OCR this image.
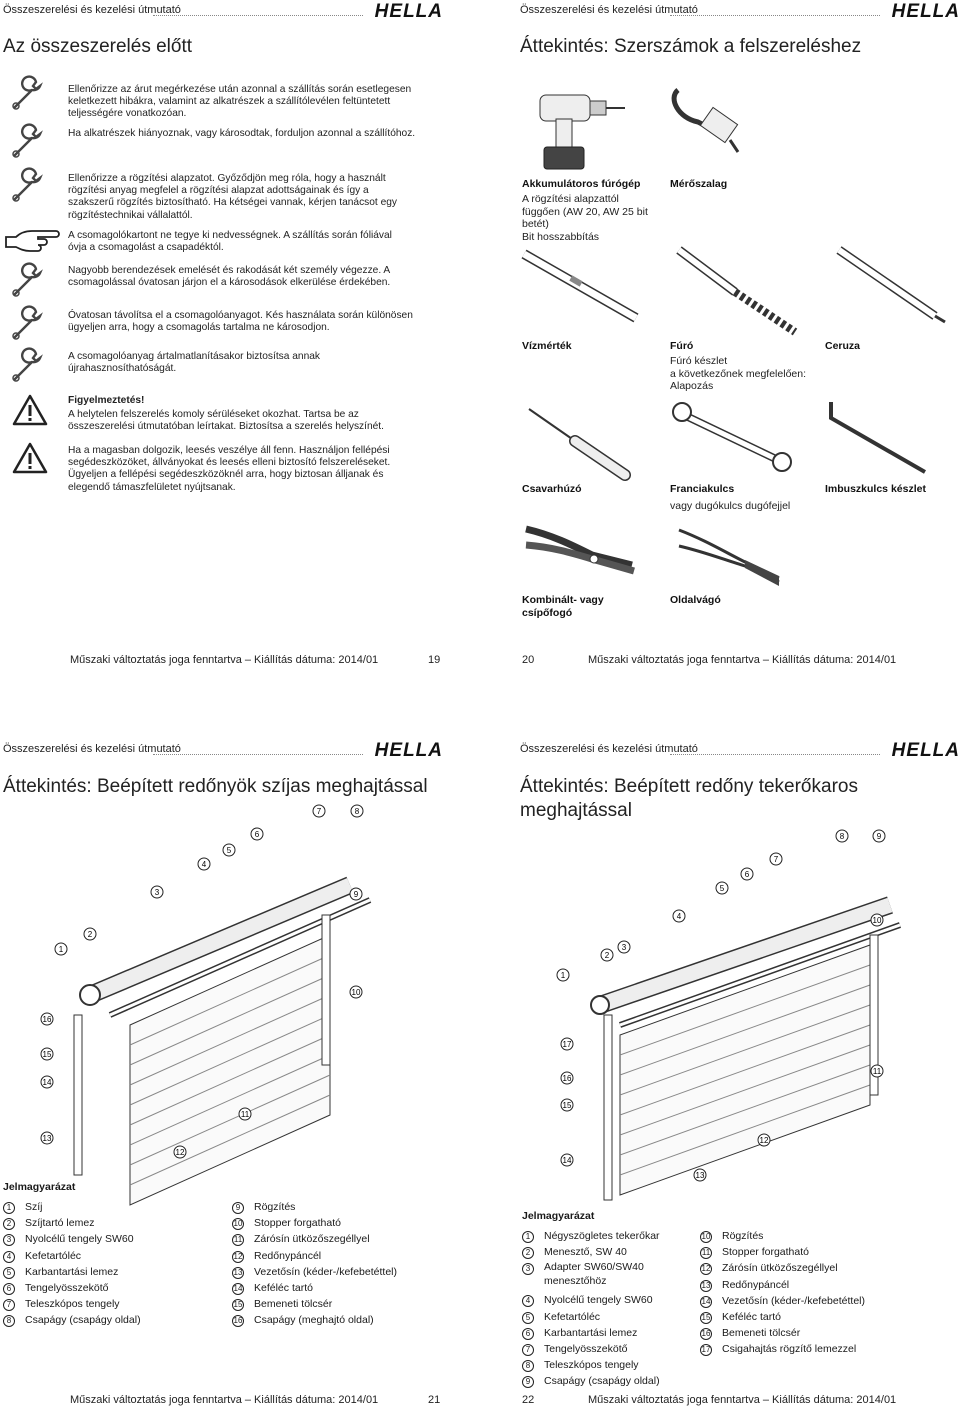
Összeszerelési és kezelési útmutató	HELLA
Az összeszerelés előtt
Ellenőrizze az árut megérkezése után azonnal a szállítás során esetlegesen keletkezett hibákra, valamint az alkatrészek a szállítólevélen feltüntetett teljességére vonatkozóan.
Ha alkatrészek hiányoznak, vagy károsodtak, forduljon azonnal a szállítóhoz.
Ellenőrizze a rögzítési alapzatot. Győződjön meg róla, hogy a használt rögzítési anyag megfelel a rögzítési alapzat adottságainak és így a szakszerű rögzítés biztosítható. Ha kétségei vannak, kérjen tanácsot egy rögzítéstechnikai vállalattól.
A csomagolókartont ne tegye ki nedvességnek. A szállítás során fóliával óvja a csomagolást a csapadéktól.
Nagyobb berendezések emelését és rakodását két személy végezze. A csomagolással óvatosan járjon el a károsodások elkerülése érdekében.
Óvatosan távolítsa el a csomagolóanyagot. Kés használata során különösen ügyeljen arra, hogy a csomagolás tartalma ne károsodjon.
A csomagolóanyag ártalmatlanításakor biztosítsa annak újrahasznosíthatóságát.
Figyelmeztetés!
A helytelen felszerelés komoly sérüléseket okozhat. Tartsa be az összeszerelési útmutatóban leírtakat. Biztosítsa a szerelés helyszínét.
Ha a magasban dolgozik, leesés veszélye áll fenn. Használjon fellépési segédeszközöket, állványokat és leesés elleni biztosító felszereléseket. Ügyeljen a fellépési segédeszközöknél arra, hogy biztosan álljanak és elegendő támaszfelületet nyújtsanak.
Műszaki változtatás joga fenntartva – Kiállítás dátuma: 2014/01	19
Összeszerelési és kezelési útmutató	HELLA
Áttekintés: Szerszámok a felszereléshez
Akkumulátoros fúrógép
A rögzítési alapzattól
függően (AW 20, AW 25 bit
betét)
Bit hosszabbítás
Mérőszalag
Vízmérték	Fúró
Fúró készlet
a következőnek megfelelően:
Alapozás
Ceruza
Csavarhúzó	Franciakulcs
vagy dugókulcs dugófejjel
Imbuszkulcs készlet
Kombinált- vagy csípőfogó
Oldalvágó
20	Műszaki változtatás joga fenntartva – Kiállítás dátuma: 2014/01
Összeszerelési és kezelési útmutató	HELLA
Áttekintés: Beépített redőnyök szíjas meghajtással
1
2
3
4
5
6
7	8
9
10
11
12
13
14
15
16
Jelmagyarázat
1	Szíj
2	Szíjtartó lemez
3	Nyolcélű tengely SW60
4	Kefetartóléc
5	Karbantartási lemez
6	Tengelyösszekötő
7	Teleszkópos tengely
8	Csapágy (csapágy oldal)
9	Rögzítés
10	Stopper forgatható
11	Zárósín ütközőszegéllyel
12	Redőnypáncél
13	Vezetősín (kéder-/kefebetéttel)
14	Keféléc tartó
15	Bemeneti tölcsér
16	Csapágy (meghajtó oldal)
Műszaki változtatás joga fenntartva – Kiállítás dátuma: 2014/01	21
Összeszerelési és kezelési útmutató	HELLA
Áttekintés: Beépített redőny tekerőkaros meghajtással
1
2
3
4
5
6
7
8	9
10
11
12
13
14
15
16
17
Jelmagyarázat
1	Négyszögletes tekerőkar
2	Menesztő, SW 40
3	Adapter SW60/SW40 menesztőhöz
4	Nyolcélű tengely SW60
5	Kefetartóléc
6	Karbantartási lemez
7	Tengelyösszekötő
8	Teleszkópos tengely
9	Csapágy (csapágy oldal)
10	Rögzítés
11	Stopper forgatható
12	Zárósín ütközőszegéllyel
13	Redőnypáncél
14	Vezetősín (kéder-/kefebetéttel)
15	Keféléc tartó
16	Bemeneti tölcsér
17	Csigahajtás rögzítő lemezzel
22	Műszaki változtatás joga fenntartva – Kiállítás dátuma: 2014/01
